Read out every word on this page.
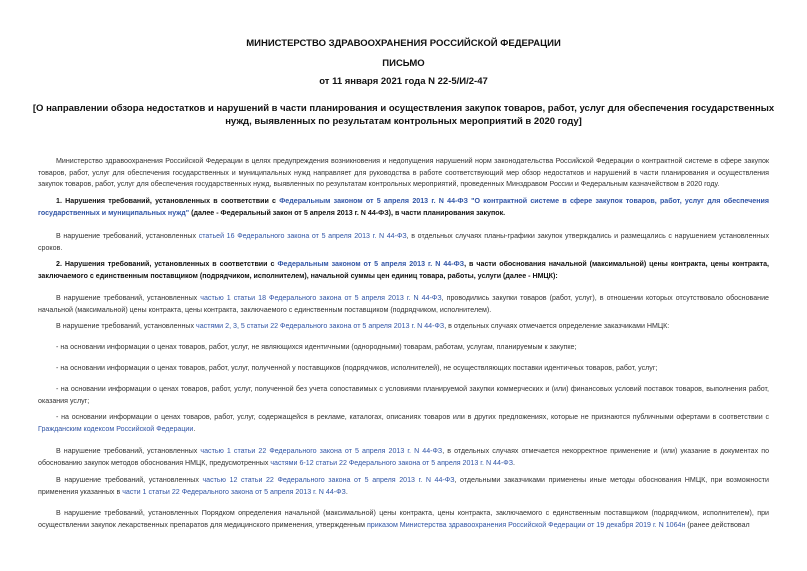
МИНИСТЕРСТВО ЗДРАВООХРАНЕНИЯ РОССИЙСКОЙ ФЕДЕРАЦИИ
ПИСЬМО
от 11 января 2021 года N 22-5/И/2-47
[О направлении обзора недостатков и нарушений в части планирования и осуществления закупок товаров, работ, услуг для обеспечения государственных нужд, выявленных по результатам контрольных мероприятий в 2020 году]
Министерство здравоохранения Российской Федерации в целях предупреждения возникновения и недопущения нарушений норм законодательства Российской Федерации о контрактной системе в сфере закупок товаров, работ, услуг для обеспечения государственных и муниципальных нужд направляет для руководства в работе соответствующий мер обзор недостатков и нарушений в части планирования и осуществления закупок товаров, работ, услуг для обеспечения государственных нужд, выявленных по результатам контрольных мероприятий, проведенных Минздравом России и Федеральным казначейством в 2020 году.
1. Нарушения требований, установленных в соответствии с Федеральным законом от 5 апреля 2013 г. N 44-ФЗ "О контрактной системе в сфере закупок товаров, работ, услуг для обеспечения государственных и муниципальных нужд" (далее - Федеральный закон от 5 апреля 2013 г. N 44-ФЗ), в части планирования закупок.
В нарушение требований, установленных статьей 16 Федерального закона от 5 апреля 2013 г. N 44-ФЗ, в отдельных случаях планы-графики закупок утверждались и размещались с нарушением установленных сроков.
2. Нарушения требований, установленных в соответствии с Федеральным законом от 5 апреля 2013 г. N 44-ФЗ, в части обоснования начальной (максимальной) цены контракта, цены контракта, заключаемого с единственным поставщиком (подрядчиком, исполнителем), начальной суммы цен единиц товара, работы, услуги (далее - НМЦК):
В нарушение требований, установленных частью 1 статьи 18 Федерального закона от 5 апреля 2013 г. N 44-ФЗ, проводились закупки товаров (работ, услуг), в отношении которых отсутствовало обоснование начальной (максимальной) цены контракта, цены контракта, заключаемого с единственным поставщиком (подрядчиком, исполнителем).
В нарушение требований, установленных частями 2, 3, 5 статьи 22 Федерального закона от 5 апреля 2013 г. N 44-ФЗ, в отдельных случаях отмечается определение заказчиками НМЦК:
- на основании информации о ценах товаров, работ, услуг, не являющихся идентичными (однородными) товарам, работам, услугам, планируемым к закупке;
- на основании информации о ценах товаров, работ, услуг, полученной у поставщиков (подрядчиков, исполнителей), не осуществляющих поставки идентичных товаров, работ, услуг;
- на основании информации о ценах товаров, работ, услуг, полученной без учета сопоставимых с условиями планируемой закупки коммерческих и (или) финансовых условий поставок товаров, выполнения работ, оказания услуг;
- на основании информации о ценах товаров, работ, услуг, содержащейся в рекламе, каталогах, описаниях товаров или в других предложениях, которые не признаются публичными офертами в соответствии с Гражданским кодексом Российской Федерации.
В нарушение требований, установленных частью 1 статьи 22 Федерального закона от 5 апреля 2013 г. N 44-ФЗ, в отдельных случаях отмечается некорректное применение и (или) указание в документах по обоснованию закупок методов обоснования НМЦК, предусмотренных частями 6-12 статьи 22 Федерального закона от 5 апреля 2013 г. N 44-ФЗ.
В нарушение требований, установленных частью 12 статьи 22 Федерального закона от 5 апреля 2013 г. N 44-ФЗ, отдельными заказчиками применены иные методы обоснования НМЦК, при возможности применения указанных в части 1 статьи 22 Федерального закона от 5 апреля 2013 г. N 44-ФЗ.
В нарушение требований, установленных Порядком определения начальной (максимальной) цены контракта, цены контракта, заключаемого с единственным поставщиком (подрядчиком, исполнителем), при осуществлении закупок лекарственных препаратов для медицинского применения, утвержденным приказом Министерства здравоохранения Российской Федерации от 19 декабря 2019 г. N 1064н (ранее действовал
